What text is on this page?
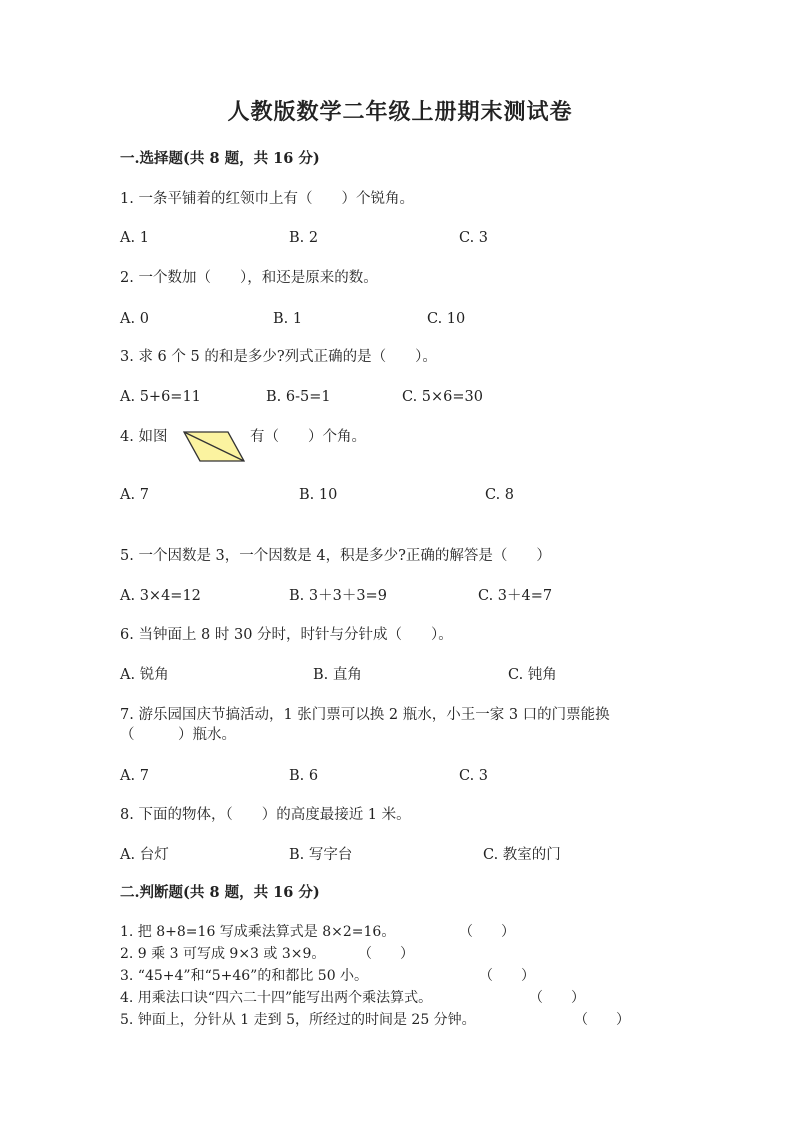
人教版数学二年级上册期末测试卷
一.选择题(共 8 题，共 16 分)
1. 一条平铺着的红领巾上有（　　）个锐角。
A. 1	B. 2	C. 3
2. 一个数加（　　），和还是原来的数。
A. 0	B. 1	C. 10
3. 求 6 个 5 的和是多少?列式正确的是（　　）。
A. 5+6=11	B. 6-5=1	C. 5×6=30
4. 如图	有（　　）个角。
A. 7	B. 10	C. 8
5. 一个因数是 3，一个因数是 4，积是多少?正确的解答是（　　）
A. 3×4=12	B. 3＋3＋3=9	C. 3＋4=7
6. 当钟面上 8 时 30 分时，时针与分针成（　　）。
A. 锐角	B. 直角	C. 钝角
7. 游乐园国庆节搞活动，1 张门票可以换 2 瓶水，小王一家 3 口的门票能换
（　　　）瓶水。
A. 7	B. 6	C. 3
8. 下面的物体，（　　）的高度最接近 1 米。
A. 台灯	B. 写字台	C. 教室的门
二.判断题(共 8 题，共 16 分)
1. 把 8+8=16 写成乘法算式是 8×2=16。	（　　）
2. 9 乘 3 可写成 9×3 或 3×9。 （　　）
3. “45+4”和“5+46”的和都比 50 小。	（　　）
4. 用乘法口诀“四六二十四”能写出两个乘法算式。	（　　）
5. 钟面上，分针从 1 走到 5，所经过的时间是 25 分钟。	（　　）
